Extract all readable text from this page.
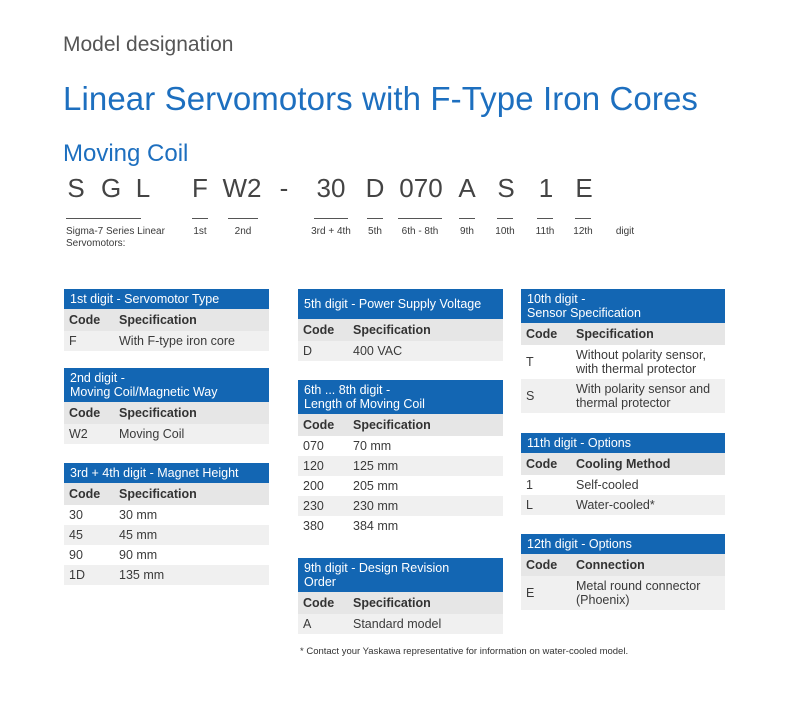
Model designation
Linear Servomotors with F-Type Iron Cores
Moving Coil
S G L F W2 - 30 D 070 A S 1 E
Sigma-7 Series Linear Servomotors:
1st	2nd	3rd + 4th	5th	6th - 8th	9th	10th	11th	12th	digit
1st digit - Servomotor Type
Code	Specification
F	With F-type iron core
2nd digit -
Moving Coil/Magnetic Way
Code	Specification
W2	Moving Coil
3rd + 4th digit - Magnet Height
Code	Specification
30	30 mm
45	45 mm
90	90 mm
1D	135 mm
5th digit - Power Supply Voltage
Code	Specification
D	400 VAC
6th ... 8th digit -
Length of Moving Coil
Code	Specification
070	70 mm
120	125 mm
200	205 mm
230	230 mm
380	384 mm
9th digit - Design Revision
Order
Code	Specification
A	Standard model
10th digit -
Sensor Specification
Code	Specification
T	Without polarity sensor,
with thermal protector
S	With polarity sensor and
thermal protector
11th digit - Options
Code	Cooling Method
1	Self-cooled
L	Water-cooled*
12th digit - Options
Code	Connection
E	Metal round connector
(Phoenix)
* Contact your Yaskawa representative for information on water-cooled model.
